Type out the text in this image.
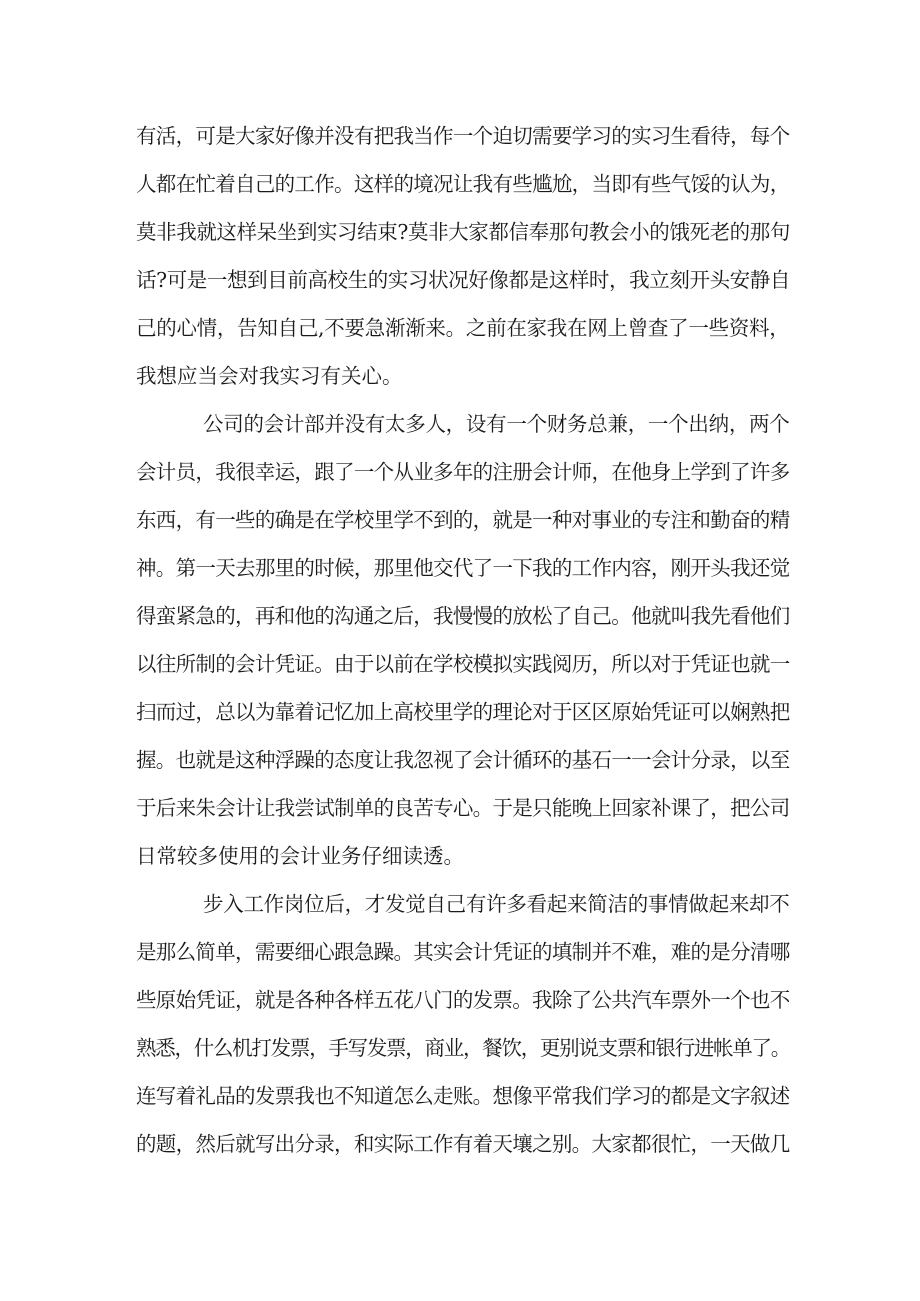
有活，可是大家好像并没有把我当作一个迫切需要学习的实习生看待，每个
人都在忙着自己的工作。这样的境况让我有些尴尬，当即有些气馁的认为，
莫非我就这样呆坐到实习结束?莫非大家都信奉那句教会小的饿死老的那句
话?可是一想到目前高校生的实习状况好像都是这样时，我立刻开头安静自
己的心情，告知自己,不要急渐渐来。之前在家我在网上曾查了一些资料，
我想应当会对我实习有关心。
公司的会计部并没有太多人，设有一个财务总兼，一个出纳，两个
会计员，我很幸运，跟了一个从业多年的注册会计师，在他身上学到了许多
东西，有一些的确是在学校里学不到的，就是一种对事业的专注和勤奋的精
神。第一天去那里的时候，那里他交代了一下我的工作内容，刚开头我还觉
得蛮紧急的，再和他的沟通之后，我慢慢的放松了自己。他就叫我先看他们
以往所制的会计凭证。由于以前在学校模拟实践阅历，所以对于凭证也就一
扫而过，总以为靠着记忆加上高校里学的理论对于区区原始凭证可以娴熟把
握。也就是这种浮躁的态度让我忽视了会计循环的基石一一会计分录，以至
于后来朱会计让我尝试制单的良苦专心。于是只能晚上回家补课了，把公司
日常较多使用的会计业务仔细读透。
步入工作岗位后，才发觉自己有许多看起来简洁的事情做起来却不
是那么简单，需要细心跟急躁。其实会计凭证的填制并不难，难的是分清哪
些原始凭证，就是各种各样五花八门的发票。我除了公共汽车票外一个也不
熟悉，什么机打发票，手写发票，商业，餐饮，更别说支票和银行进帐单了。
连写着礼品的发票我也不知道怎么走账。想像平常我们学习的都是文字叙述
的题，然后就写出分录，和实际工作有着天壤之别。大家都很忙，一天做几
